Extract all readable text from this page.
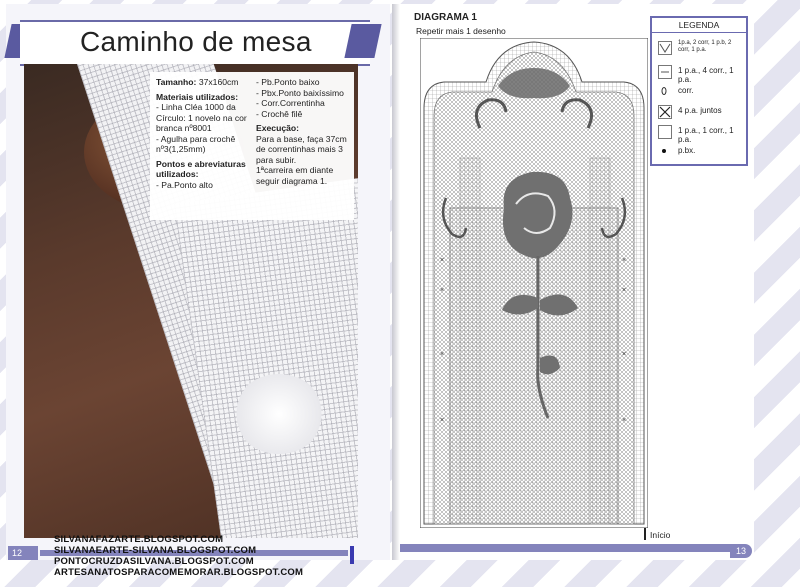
Caminho de mesa
Tamanho: 37x160cm
Materiais utilizados:
- Linha Cléa 1000 da
Círculo: 1 novelo na cor
branca nº8001
- Agulha para crochê
nº3(1,25mm)
Pontos e abreviaturas
utilizados:
- Pa.Ponto alto
- Pb.Ponto baixo
- Pbx.Ponto baixíssimo
- Corr.Correntinha
- Crochê filê
Execução:
Para a base, faça 37cm
de correntinhas mais 3
para subir.
1ªcarreira em diante
seguir diagrama 1.
12
SILVANAFAZARTE.BLOGSPOT.COM
SILVANAEARTE-SILVANA.BLOGSPOT.COM
PONTOCRUZDASILVANA.BLOGSPOT.COM
ARTESANATOSPARACOMEMORAR.BLOGSPOT.COM
DIAGRAMA 1
Repetir mais 1 desenho
×
×
×
×
×
×
×
×
Início
LEGENDA
1p.a, 2 corr, 1 p.b, 2 corr, 1 p.a.
1 p.a., 4 corr., 1 p.a.
corr.
4 p.a. juntos
1 p.a., 1 corr., 1 p.a.
p.bx.
13
